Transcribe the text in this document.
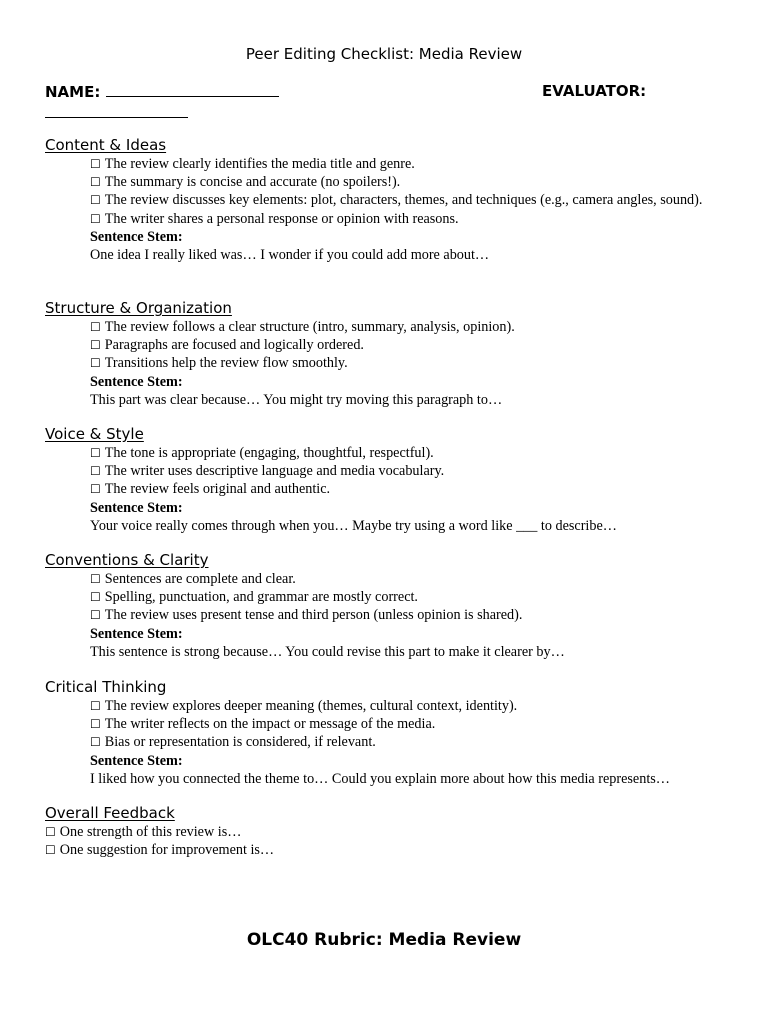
Peer Editing Checklist: Media Review
NAME:	EVALUATOR:
Content & Ideas
☐ The review clearly identifies the media title and genre.
☐ The summary is concise and accurate (no spoilers!).
☐ The review discusses key elements: plot, characters, themes, and techniques (e.g., camera angles, sound).
☐ The writer shares a personal response or opinion with reasons.
Sentence Stem:
One idea I really liked was… I wonder if you could add more about…
Structure & Organization
☐ The review follows a clear structure (intro, summary, analysis, opinion).
☐ Paragraphs are focused and logically ordered.
☐ Transitions help the review flow smoothly.
Sentence Stem:
This part was clear because… You might try moving this paragraph to…
Voice & Style
☐ The tone is appropriate (engaging, thoughtful, respectful).
☐ The writer uses descriptive language and media vocabulary.
☐ The review feels original and authentic.
Sentence Stem:
Your voice really comes through when you… Maybe try using a word like ___ to describe…
Conventions & Clarity
☐ Sentences are complete and clear.
☐ Spelling, punctuation, and grammar are mostly correct.
☐ The review uses present tense and third person (unless opinion is shared).
Sentence Stem:
This sentence is strong because… You could revise this part to make it clearer by…
Critical Thinking
☐ The review explores deeper meaning (themes, cultural context, identity).
☐ The writer reflects on the impact or message of the media.
☐ Bias or representation is considered, if relevant.
Sentence Stem:
I liked how you connected the theme to… Could you explain more about how this media represents…
Overall Feedback
☐ One strength of this review is…
☐ One suggestion for improvement is…
OLC40 Rubric: Media Review
